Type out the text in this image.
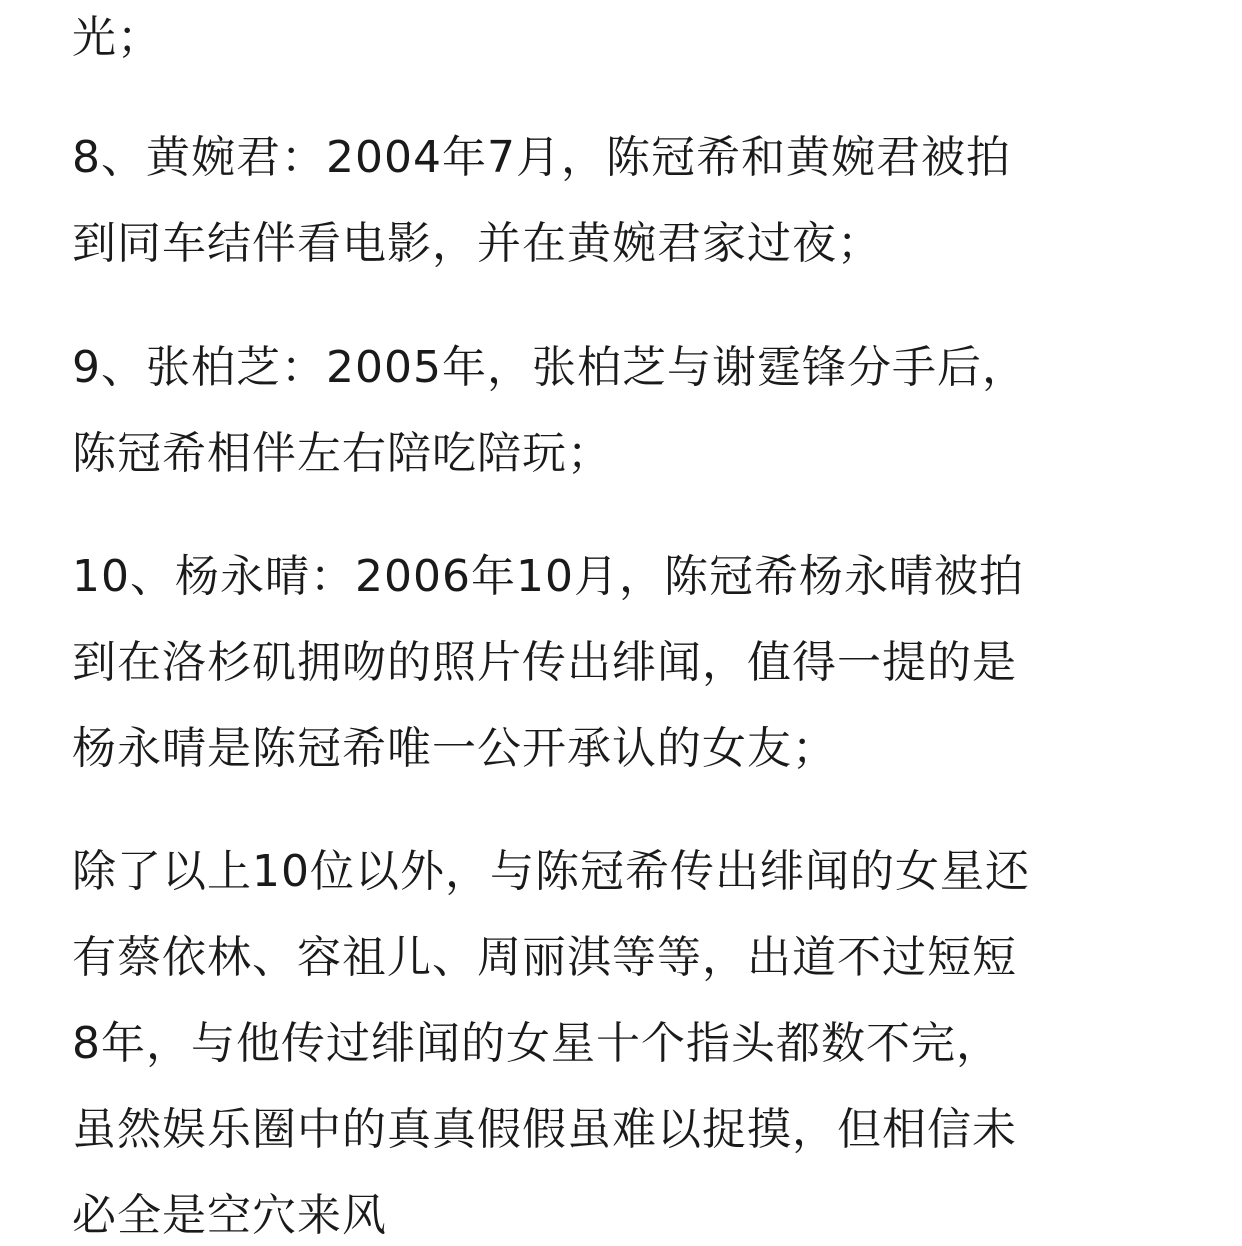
光；
8、黄婉君：2004年7月，陈冠希和黄婉君被拍
到同车结伴看电影，并在黄婉君家过夜；
9、张柏芝：2005年，张柏芝与谢霆锋分手后，
陈冠希相伴左右陪吃陪玩；
10、杨永晴：2006年10月，陈冠希杨永晴被拍
到在洛杉矶拥吻的照片传出绯闻，值得一提的是
杨永晴是陈冠希唯一公开承认的女友；
除了以上10位以外，与陈冠希传出绯闻的女星还
有蔡依林、容祖儿、周丽淇等等，出道不过短短
8年，与他传过绯闻的女星十个指头都数不完，
虽然娱乐圈中的真真假假虽难以捉摸，但相信未
必全是空穴来风
